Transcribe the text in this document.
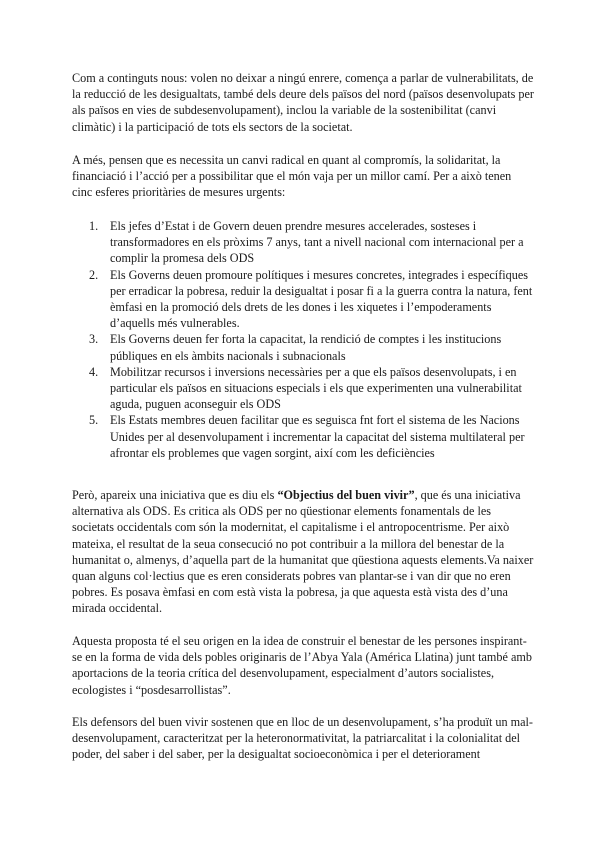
Com a continguts nous: volen no deixar a ningú enrere, comença a parlar de vulnerabilitats, de la reducció de les desigualtats, també dels deure dels països del nord (països desenvolupats per als països en vies de subdesenvolupament), inclou la variable de la sostenibilitat (canvi climàtic) i la participació de tots els sectors de la societat.

A més, pensen que es necessita un canvi radical en quant al compromís, la solidaritat, la financiació i l’acció per a possibilitar que el món vaja per un millor camí. Per a això tenen cinc esferes prioritàries de mesures urgents:

1. Els jefes d’Estat i de Govern deuen prendre mesures accelerades, sosteses i transformadores en els pròxims 7 anys, tant a nivell nacional com internacional per a complir la promesa dels ODS
2. Els Governs deuen promoure polítiques i mesures concretes, integrades i específiques per erradicar la pobresa, reduir la desigualtat i posar fi a la guerra contra la natura, fent èmfasi en la promoció dels drets de les dones i les xiquetes i l’empoderaments d’aquells més vulnerables.
3. Els Governs deuen fer forta la capacitat, la rendició de comptes i les institucions públiques en els àmbits nacionals i subnacionals
4. Mobilitzar recursos i inversions necessàries per a que els països desenvolupats, i en particular els països en situacions especials i els que experimenten una vulnerabilitat aguda, puguen aconseguir els ODS
5. Els Estats membres deuen facilitar que es seguisca fnt fort el sistema de les Nacions Unides per al desenvolupament i incrementar la capacitat del sistema multilateral per afrontar els problemes que vagen sorgint, així com les deficiències

Però, apareix una iniciativa que es diu els “Objectius del buen vivir”, que és una iniciativa alternativa als ODS. Es critica als ODS per no qüestionar elements fonamentals de les societats occidentals com són la modernitat, el capitalisme i el antropocentrisme. Per això mateixa, el resultat de la seua consecució no pot contribuir a la millora del benestar de la humanitat o, almenys, d’aquella part de la humanitat que qüestiona aquests elements.Va naixer quan alguns col·lectius que es eren considerats pobres van plantar-se i van dir que no eren pobres. Es posava èmfasi en com està vista la pobresa, ja que aquesta està vista des d’una mirada occidental.

Aquesta proposta té el seu origen en la idea de construir el benestar de les persones inspirant-se en la forma de vida dels pobles originaris de l’Abya Yala (América Llatina) junt també amb aportacions de la teoria crítica del desenvolupament, especialment d’autors socialistes, ecologistes i “posdesarrollistas”.

Els defensors del buen vivir sostenen que en lloc de un desenvolupament, s’ha produït un mal-desenvolupament, caracteritzat per la heteronormativitat, la patriarcalitat i la colonialitat del poder, del saber i del saber, per la desigualtat socioeconòmica i per el deteriorament
